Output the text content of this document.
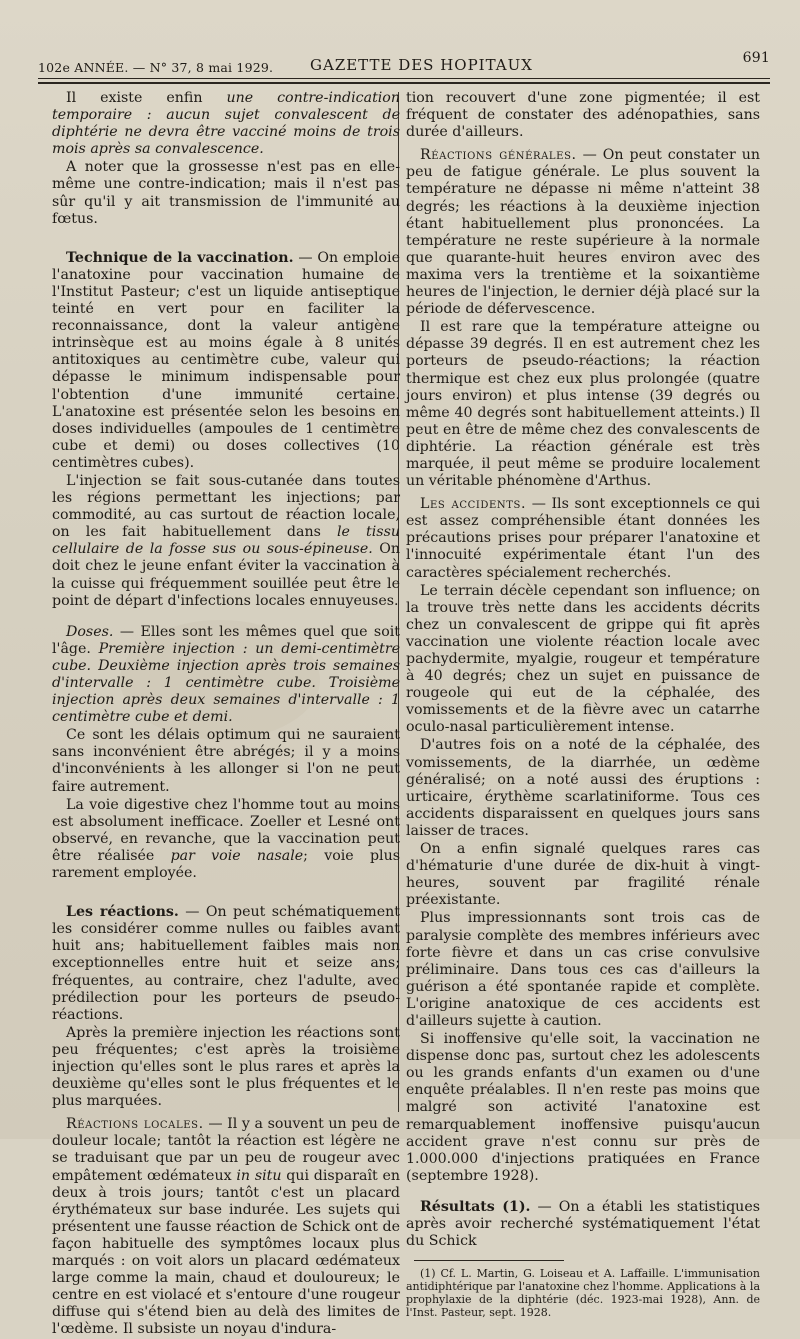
102e ANNÉE. — N° 37, 8 mai 1929. GAZETTE DES HOPITAUX	691

Il existe enfin une contre-indication temporaire : aucun sujet convalescent de diphtérie ne devra être vacciné moins de trois mois après sa convalescence.

A noter que la grossesse n'est pas en elle-même une contre-indication; mais il n'est pas sûr qu'il y ait transmission de l'immunité au fœtus.

Technique de la vaccination. — On emploie l'anatoxine pour vaccination humaine de l'Institut Pasteur; c'est un liquide antiseptique teinté en vert pour en faciliter la reconnaissance, dont la valeur antigène intrinsèque est au moins égale à 8 unités antitoxiques au centimètre cube, valeur qui dépasse le minimum indispensable pour l'obtention d'une immunité certaine. L'anatoxine est présentée selon les besoins en doses individuelles (ampoules de 1 centimètre cube et demi) ou doses collectives (10 centimètres cubes).

L'injection se fait sous-cutanée dans toutes les régions permettant les injections; par commodité, au cas surtout de réaction locale, on les fait habituellement dans le tissu cellulaire de la fosse sus ou sous-épineuse. On doit chez le jeune enfant éviter la vaccination à la cuisse qui fréquemment souillée peut être le point de départ d'infections locales ennuyeuses.

Doses. — Elles sont les mêmes quel que soit l'âge. Première injection : un demi-centimètre cube. Deuxième injection après trois semaines d'intervalle : 1 centimètre cube. Troisième injection après deux semaines d'intervalle : 1 centimètre cube et demi.

Ce sont les délais optimum qui ne sauraient sans inconvénient être abrégés; il y a moins d'inconvénients à les allonger si l'on ne peut faire autrement.

La voie digestive chez l'homme tout au moins est absolument inefficace. Zoeller et Lesné ont observé, en revanche, que la vaccination peut être réalisée par voie nasale; voie plus rarement employée.

Les réactions. — On peut schématiquement les considérer comme nulles ou faibles avant huit ans; habituellement faibles mais non exceptionnelles entre huit et seize ans; fréquentes, au contraire, chez l'adulte, avec prédilection pour les porteurs de pseudo-réactions.

Après la première injection les réactions sont peu fréquentes; c'est après la troisième injection qu'elles sont le plus rares et après la deuxième qu'elles sont le plus fréquentes et le plus marquées.

Réactions locales. — Il y a souvent un peu de douleur locale; tantôt la réaction est légère ne se traduisant que par un peu de rougeur avec empâtement œdémateux in situ qui disparaît en deux à trois jours; tantôt c'est un placard érythémateux sur base indurée. Les sujets qui présentent une fausse réaction de Schick ont de façon habituelle des symptômes locaux plus marqués : on voit alors un placard œdémateux large comme la main, chaud et douloureux; le centre en est violacé et s'entoure d'une rougeur diffuse qui s'étend bien au delà des limites de l'œdème. Il subsiste un noyau d'indura-

tion recouvert d'une zone pigmentée; il est fréquent de constater des adénopathies, sans durée d'ailleurs.

Réactions générales. — On peut constater un peu de fatigue générale. Le plus souvent la température ne dépasse ni même n'atteint 38 degrés; les réactions à la deuxième injection étant habituellement plus prononcées. La température ne reste supérieure à la normale que quarante-huit heures environ avec des maxima vers la trentième et la soixantième heures de l'injection, le dernier déjà placé sur la période de défervescence.

Il est rare que la température atteigne ou dépasse 39 degrés. Il en est autrement chez les porteurs de pseudo-réactions; la réaction thermique est chez eux plus prolongée (quatre jours environ) et plus intense (39 degrés ou même 40 degrés sont habituellement atteints.) Il peut en être de même chez des convalescents de diphtérie. La réaction générale est très marquée, il peut même se produire localement un véritable phénomène d'Arthus.

Les accidents. — Ils sont exceptionnels ce qui est assez compréhensible étant données les précautions prises pour préparer l'anatoxine et l'innocuité expérimentale étant l'un des caractères spécialement recherchés.

Le terrain décèle cependant son influence; on la trouve très nette dans les accidents décrits chez un convalescent de grippe qui fit après vaccination une violente réaction locale avec pachydermite, myalgie, rougeur et température à 40 degrés; chez un sujet en puissance de rougeole qui eut de la céphalée, des vomissements et de la fièvre avec un catarrhe oculo-nasal particulièrement intense.

D'autres fois on a noté de la céphalée, des vomissements, de la diarrhée, un œdème généralisé; on a noté aussi des éruptions : urticaire, érythème scarlatiniforme. Tous ces accidents disparaissent en quelques jours sans laisser de traces.

On a enfin signalé quelques rares cas d'hématurie d'une durée de dix-huit à vingt-heures, souvent par fragilité rénale préexistante.

Plus impressionnants sont trois cas de paralysie complète des membres inférieurs avec forte fièvre et dans un cas crise convulsive préliminaire. Dans tous ces cas d'ailleurs la guérison a été spontanée rapide et complète. L'origine anatoxique de ces accidents est d'ailleurs sujette à caution.

Si inoffensive qu'elle soit, la vaccination ne dispense donc pas, surtout chez les adolescents ou les grands enfants d'un examen ou d'une enquête préalables. Il n'en reste pas moins que malgré son activité l'anatoxine est remarquablement inoffensive puisqu'aucun accident grave n'est connu sur près de 1.000.000 d'injections pratiquées en France (septembre 1928).

Résultats (1). — On a établi les statistiques après avoir recherché systématiquement l'état du Schick

(1) Cf. L. Martin, G. Loiseau et A. Laffaille. L'immunisation antidiphtérique par l'anatoxine chez l'homme. Applications à la prophylaxie de la diphtérie (déc. 1923-mai 1928), Ann. de l'Inst. Pasteur, sept. 1928.
